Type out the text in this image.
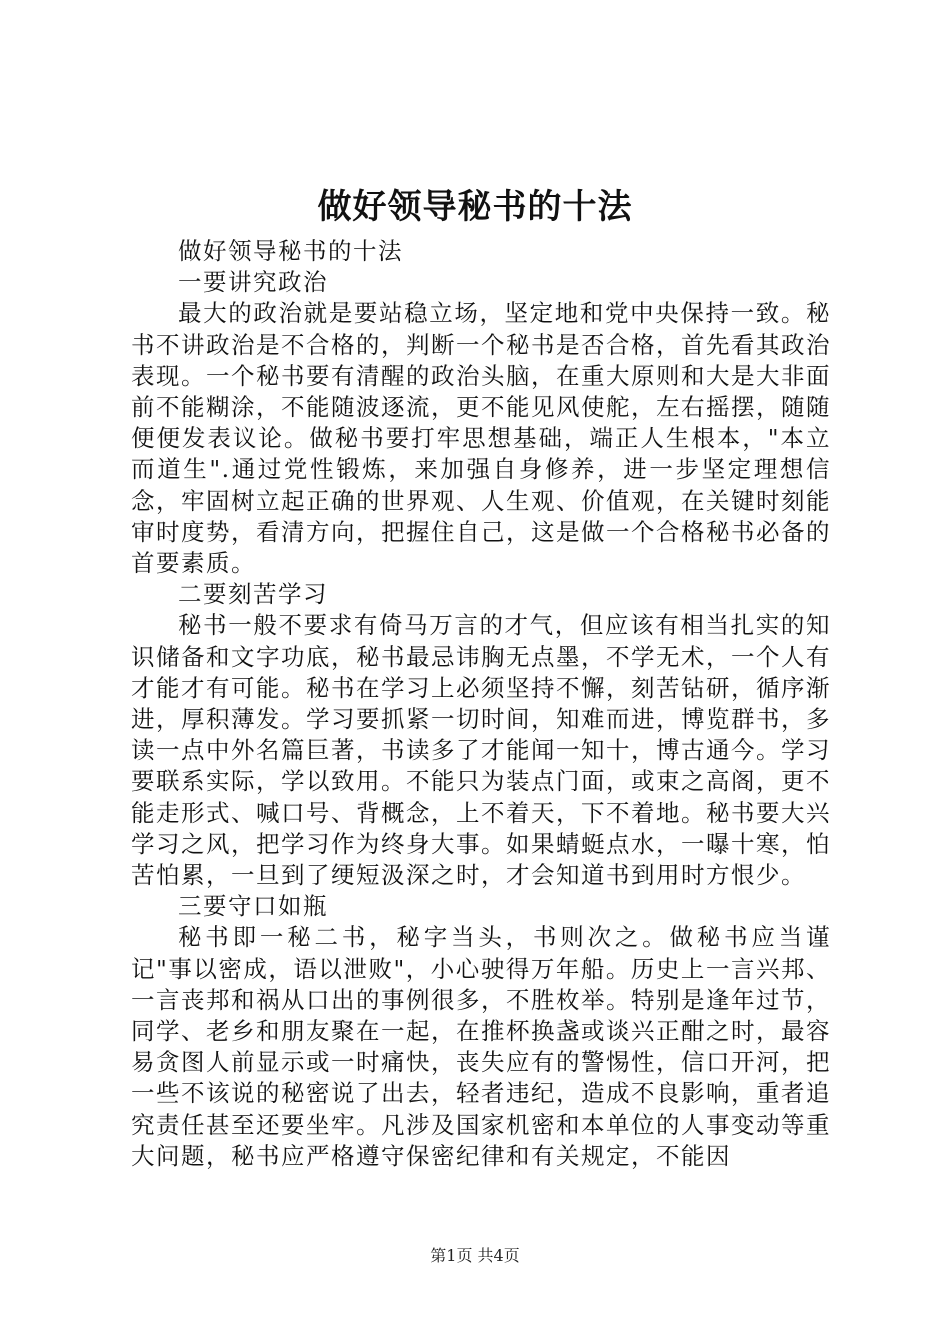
做好领导秘书的十法

做好领导秘书的十法

一要讲究政治

最大的政治就是要站稳立场，坚定地和党中央保持一致。秘书不讲政治是不合格的，判断一个秘书是否合格，首先看其政治表现。一个秘书要有清醒的政治头脑，在重大原则和大是大非面前不能糊涂，不能随波逐流，更不能见风使舵，左右摇摆，随随便便发表议论。做秘书要打牢思想基础，端正人生根本，"本立而道生".通过党性锻炼，来加强自身修养，进一步坚定理想信念，牢固树立起正确的世界观、人生观、价值观，在关键时刻能审时度势，看清方向，把握住自己，这是做一个合格秘书必备的首要素质。

二要刻苦学习

秘书一般不要求有倚马万言的才气，但应该有相当扎实的知识储备和文字功底，秘书最忌讳胸无点墨，不学无术，一个人有才能才有可能。秘书在学习上必须坚持不懈，刻苦钻研，循序渐进，厚积薄发。学习要抓紧一切时间，知难而进，博览群书，多读一点中外名篇巨著，书读多了才能闻一知十，博古通今。学习要联系实际，学以致用。不能只为装点门面，或束之高阁，更不能走形式、喊口号、背概念，上不着天，下不着地。秘书要大兴学习之风，把学习作为终身大事。如果蜻蜓点水，一曝十寒，怕苦怕累，一旦到了绠短汲深之时，才会知道书到用时方恨少。

三要守口如瓶

秘书即一秘二书，秘字当头，书则次之。做秘书应当谨记"事以密成，语以泄败"，小心驶得万年船。历史上一言兴邦、一言丧邦和祸从口出的事例很多，不胜枚举。特别是逢年过节，同学、老乡和朋友聚在一起，在推杯换盏或谈兴正酣之时，最容易贪图人前显示或一时痛快，丧失应有的警惕性，信口开河，把一些不该说的秘密说了出去，轻者违纪，造成不良影响，重者追究责任甚至还要坐牢。凡涉及国家机密和本单位的人事变动等重大问题，秘书应严格遵守保密纪律和有关规定，不能因

第1页 共4页
